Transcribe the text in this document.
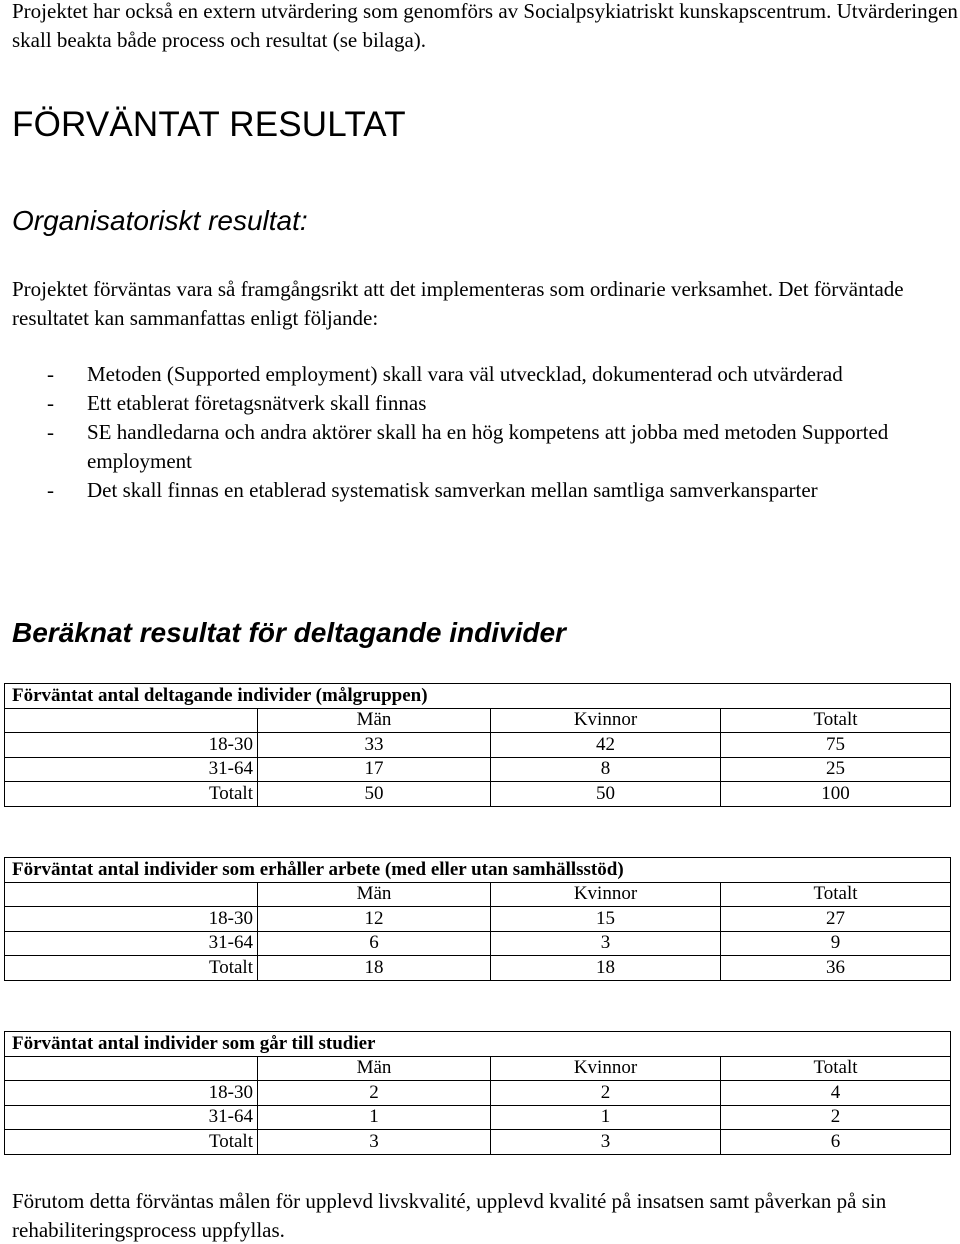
Projektet har också en extern utvärdering som genomförs av Socialpsykiatriskt kunskapscentrum. Utvärderingen skall beakta både process och resultat (se bilaga).

FÖRVÄNTAT RESULTAT
Organisatoriskt resultat:

Projektet förväntas vara så framgångsrikt att det implementeras som ordinarie verksamhet. Det förväntade resultatet kan sammanfattas enligt följande:

- Metoden (Supported employment) skall vara väl utvecklad, dokumenterad och utvärderad
- Ett etablerat företagsnätverk skall finnas
- SE handledarna och andra aktörer skall ha en hög kompetens att jobba med metoden Supported employment
- Det skall finnas en etablerad systematisk samverkan mellan samtliga samverkansparter
Beräknat resultat för deltagande individer
Förväntat antal deltagande individer (målgruppen)			
	Män	Kvinnor	Totalt
18-30	33	42	75
31-64	17	8	25
Totalt	50	50	100
Förväntat antal individer som erhåller arbete (med eller utan samhällsstöd)			
	Män	Kvinnor	Totalt
18-30	12	15	27
31-64	6	3	9
Totalt	18	18	36
Förväntat antal individer som går till studier			
	Män	Kvinnor	Totalt
18-30	2	2	4
31-64	1	1	2
Totalt	3	3	6

Förutom detta förväntas målen för upplevd livskvalité, upplevd kvalité på insatsen samt påverkan på sin rehabiliteringsprocess uppfyllas.
